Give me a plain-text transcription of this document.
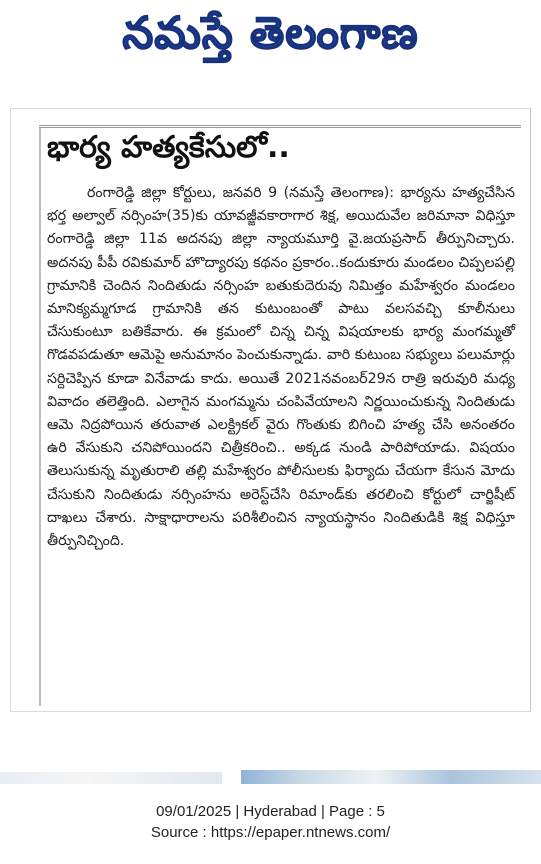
నమస్తే తెలంగాణ
భార్య హత్యకేసులో..

రంగారెడ్డి జిల్లా కోర్టులు, జనవరి 9 (నమస్తే తెలంగాణ): భార్యను హత్యచేసిన భర్త అల్వాల్ నర్సింహ(35)కు యావజ్జీవకారాగార శిక్ష, అయిదువేల జరిమానా విధిస్తూ రంగారెడ్డి జిల్లా 11వ అదనపు జిల్లా న్యాయమూర్తి వై.జయప్రసాద్ తీర్పునిచ్చారు. అదనపు పీపీ రవికుమార్ హొద్యారపు కథనం ప్రకారం..కందుకూరు మండలం చిప్పలపల్లి గ్రామానికి చెందిన నిందితుడు నర్సింహ బతుకుదెరువు నిమిత్తం మహేశ్వరం మండలం మానిక్యమ్మగూడ గ్రామానికి తన కుటుంబంతో పాటు వలసవచ్చి కూలీనులు చేసుకుంటూ బతికేవారు. ఈ క్రమంలో చిన్న చిన్న విషయాలకు భార్య మంగమ్మతో గొడవపడుతూ ఆమెపై అనుమానం పెంచుకున్నాడు. వారి కుటుంబ సభ్యులు పలుమార్లు సర్దిచెప్పిన కూడా వినేవాడు కాదు. అయితే 2021నవంబర్29న రాత్రి ఇరువురి మధ్య వివాదం తలెత్తింది. ఎలాగైన మంగమ్మను చంపివేయాలని నిర్ణయించుకున్న నిందితుడు ఆమె నిద్రపోయిన తరువాత ఎలక్ట్రికల్ వైరు గొంతుకు బిగించి హత్య చేసి అనంతరం ఉరి వేసుకుని చనిపోయిందని చిత్రీకరించి.. అక్కడ నుండి పారిపోయాడు. విషయం తెలుసుకున్న మృతురాలి తల్లి మహేశ్వరం పోలీసులకు ఫిర్యాదు చేయగా కేసున మోదు చేసుకుని నిందితుడు నర్సింహను అరెస్ట్‌చేసి రిమాండ్‌కు తరలించి కోర్టులో చార్జిషీట్ దాఖలు చేశారు. సాక్షాధారాలను పరిశీలించిన న్యాయస్థానం నిందితుడికి శిక్ష విధిస్తూ తీర్పునిచ్చింది.

09/01/2025 | Hyderabad | Page : 5
Source : https://epaper.ntnews.com/
